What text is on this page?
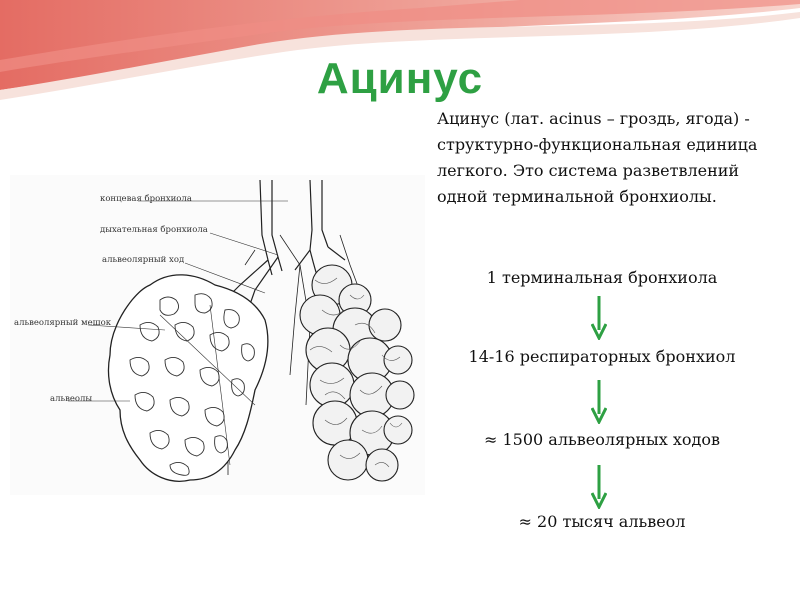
Ацинус
концевая бронхиола
дыхательная бронхиола
альвеолярный ход
альвеолярный мешок
альвеолы
Ацинус (лат. acinus – гроздь, ягода) - структурно-функциональная единица легкого. Это система разветвлений одной терминальной бронхиолы.
1 терминальная бронхиола
14-16 респираторных бронхиол
≈ 1500 альвеолярных ходов
≈ 20 тысяч альвеол
